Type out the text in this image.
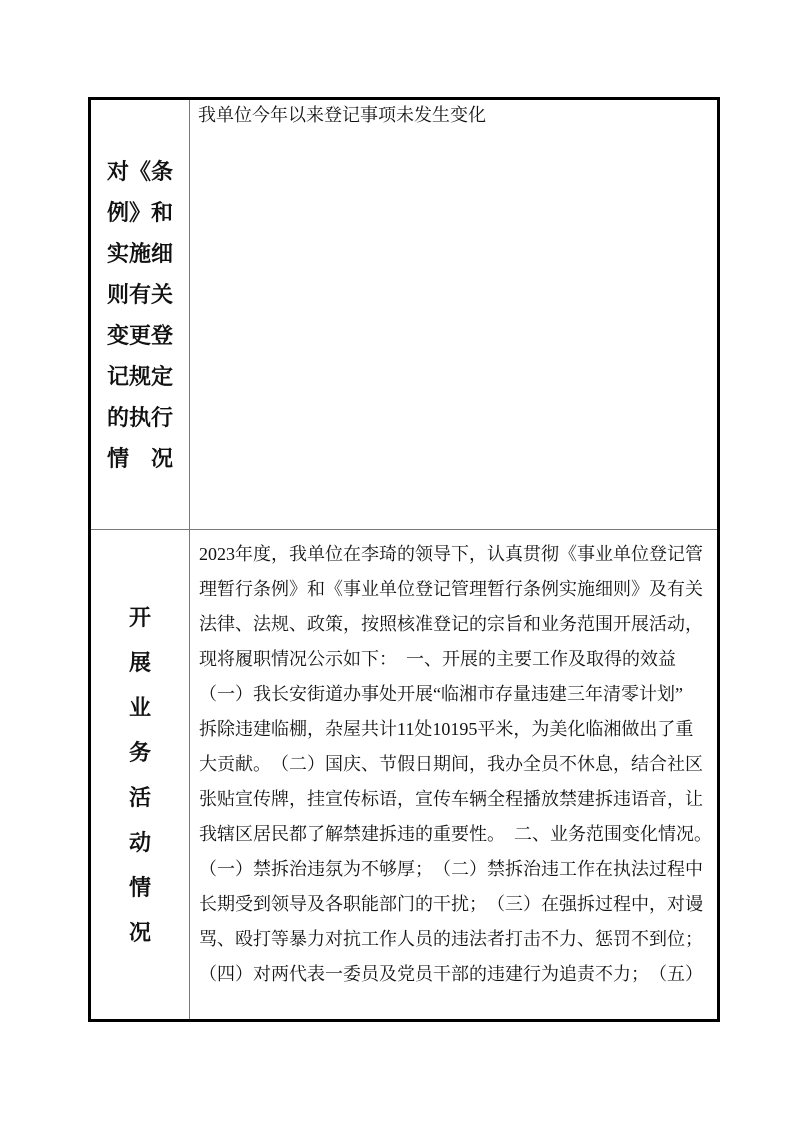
对《条
例》和
实施细
则有关
变更登
记规定
的执行
情　况
我单位今年以来登记事项未发生变化
开
展
业
务
活
动
情
况
2023年度，我单位在李琦的领导下，认真贯彻《事业单位登记管
理暂行条例》和《事业单位登记管理暂行条例实施细则》及有关
法律、法规、政策，按照核准登记的宗旨和业务范围开展活动，
现将履职情况公示如下：　一、开展的主要工作及取得的效益
（一）我长安街道办事处开展“临湘市存量违建三年清零计划”
拆除违建临棚，杂屋共计11处10195平米，为美化临湘做出了重
大贡献。　（二）国庆、节假日期间，我办全员不休息，结合社区
张贴宣传牌，挂宣传标语，宣传车辆全程播放禁建拆违语音，让
我辖区居民都了解禁建拆违的重要性。　二、业务范围变化情况。
（一）禁拆治违氛为不够厚；　（二）禁拆治违工作在执法过程中
长期受到领导及各职能部门的干扰；　（三）在强拆过程中，对谩
骂、殴打等暴力对抗工作人员的违法者打击不力、惩罚不到位；
（四）对两代表一委员及党员干部的违建行为追责不力；　（五）
